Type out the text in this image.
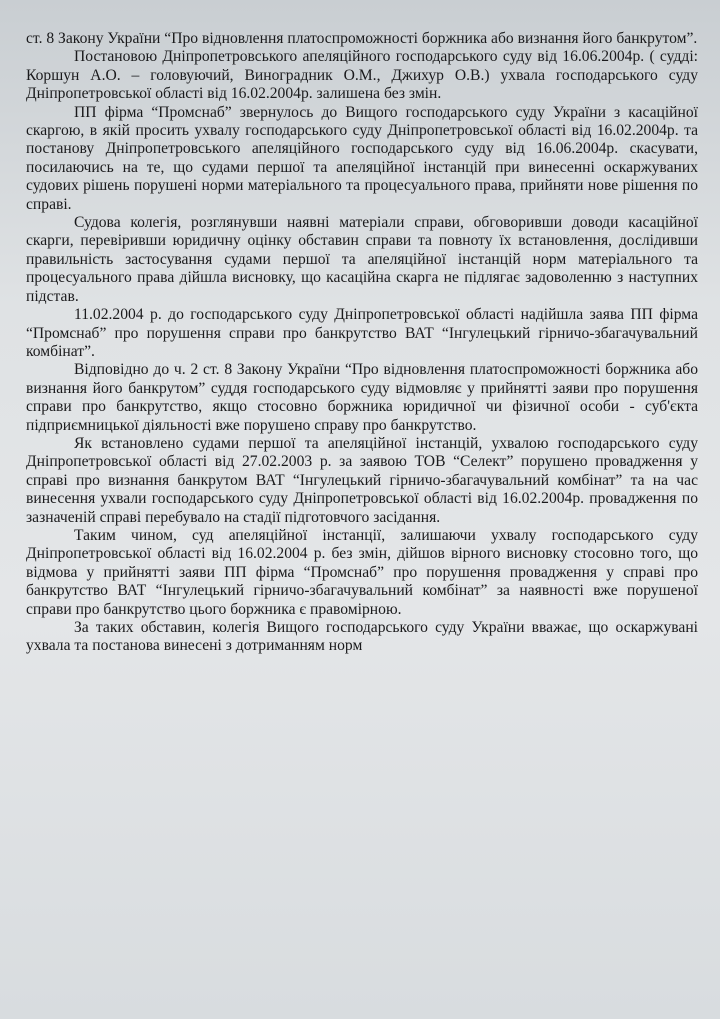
ст. 8 Закону України “Про відновлення платоспроможності боржника або визнання його банкрутом”.

Постановою Дніпропетровського апеляційного господарського суду від 16.06.2004р. ( судді: Коршун А.О. – головуючий, Виноградник О.М., Джихур О.В.) ухвала господарського суду Дніпропетровської області від 16.02.2004р. залишена без змін.

ПП фірма “Промснаб” звернулось до Вищого господарського суду України з касаційної скаргою, в якій просить ухвалу господарського суду Дніпропетровської області від 16.02.2004р. та постанову Дніпропетровського апеляційного господарського суду від 16.06.2004р. скасувати, посилаючись на те, що судами першої та апеляційної інстанцій при винесенні оскаржуваних судових рішень порушені норми матеріального та процесуального права, прийняти нове рішення по справі.

Судова колегія, розглянувши наявні матеріали справи, обговоривши доводи касаційної скарги, перевіривши юридичну оцінку обставин справи та повноту їх встановлення, дослідивши правильність застосування судами першої та апеляційної інстанцій норм матеріального та процесуального права дійшла висновку, що касаційна скарга не підлягає задоволенню з наступних підстав.

11.02.2004 р. до господарського суду Дніпропетровської області надійшла заява ПП фірма “Промснаб” про порушення справи про банкрутство ВАТ “Інгулецький гірничо-збагачувальний комбінат”.

Відповідно до ч. 2 ст. 8 Закону України “Про відновлення платоспроможності боржника або визнання його банкрутом” суддя господарського суду відмовляє у прийнятті заяви про порушення справи про банкрутство, якщо стосовно боржника юридичної чи фізичної особи - суб'єкта підприємницької діяльності вже порушено справу про банкрутство.

Як встановлено судами першої та апеляційної інстанцій, ухвалою господарського суду Дніпропетровської області від 27.02.2003 р. за заявою ТОВ “Селект” порушено провадження у справі про визнання банкрутом ВАТ “Інгулецький гірничо-збагачувальний комбінат” та на час винесення ухвали господарського суду Дніпропетровської області від 16.02.2004р. провадження по зазначеній справі перебувало на стадії підготовчого засідання.

Таким чином, суд апеляційної інстанції, залишаючи ухвалу господарського суду Дніпропетровської області від 16.02.2004 р. без змін, дійшов вірного висновку стосовно того, що відмова у прийнятті заяви ПП фірма “Промснаб” про порушення провадження у справі про банкрутство ВАТ “Інгулецький гірничо-збагачувальний комбінат” за наявності вже порушеної справи про банкрутство цього боржника є правомірною.

За таких обставин, колегія Вищого господарського суду України вважає, що оскаржувані ухвала та постанова винесені з дотриманням норм
